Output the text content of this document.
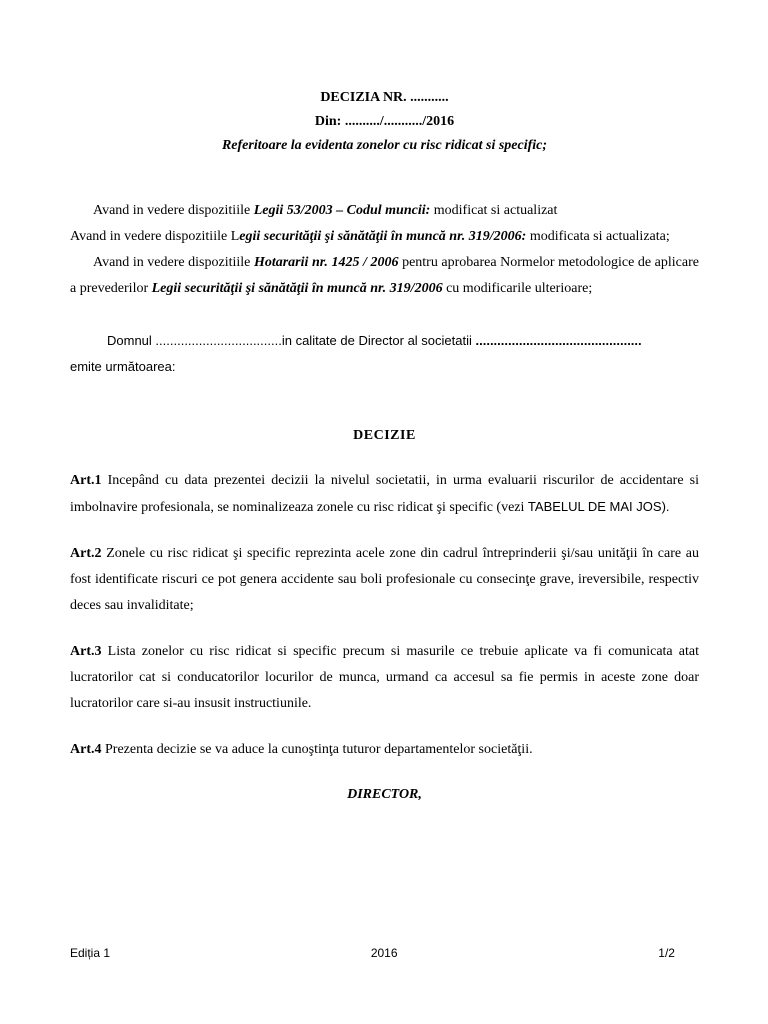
DECIZIA NR. ...........
Din: ........../.........../2016
Referitoare la evidenta zonelor cu risc ridicat si specific;

Avand in vedere dispozitiile Legii 53/2003 – Codul muncii: modificat si actualizat

Avand in vedere dispozitiile Legii securităţii şi sănătăţii în muncă nr. 319/2006: modificata si actualizata;

Avand in vedere dispozitiile Hotararii nr. 1425 / 2006 pentru aprobarea Normelor metodologice de aplicare a prevederilor Legii securităţii şi sănătăţii în muncă nr. 319/2006 cu modificarile ulterioare;

Domnul ...................................in calitate de Director al societatii ..............................................
emite următoarea:

DECIZIE

Art.1 Incepând cu data prezentei decizii la nivelul societatii, in urma evaluarii riscurilor de accidentare si imbolnavire profesionala, se nominalizeaza zonele cu risc ridicat şi specific (vezi TABELUL DE MAI JOS).

Art.2 Zonele cu risc ridicat şi specific reprezinta acele zone din cadrul întreprinderii şi/sau unităţii în care au fost identificate riscuri ce pot genera accidente sau boli profesionale cu consecinţe grave, ireversibile, respectiv deces sau invaliditate;

Art.3 Lista zonelor cu risc ridicat si specific precum si masurile ce trebuie aplicate va fi comunicata atat lucratorilor cat si conducatorilor locurilor de munca, urmand ca accesul sa fie permis in aceste zone doar lucratorilor care si-au insusit instructiunile.

Art.4 Prezenta decizie se va aduce la cunoştinţa tuturor departamentelor societăţii.

DIRECTOR,
Ediția 1	2016	1/2
